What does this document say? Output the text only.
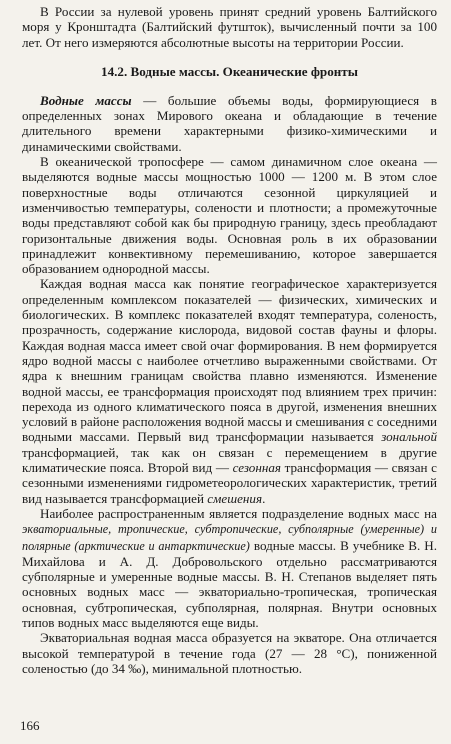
В России за нулевой уровень принят средний уровень Балтийского моря у Кронштадта (Балтийский футшток), вычисленный почти за 100 лет. От него измеряются абсолютные высоты на территории России.

14.2. Водные массы. Океанические фронты

Водные массы — большие объемы воды, формирующиеся в определенных зонах Мирового океана и обладающие в течение длительного времени характерными физико-химическими и динамическими свойствами.

В океанической тропосфере — самом динамичном слое океана — выделяются водные массы мощностью 1000 — 1200 м. В этом слое поверхностные воды отличаются сезонной циркуляцией и изменчивостью температуры, солености и плотности; а промежуточные воды представляют собой как бы природную границу, здесь преобладают горизонтальные движения воды. Основная роль в их образовании принадлежит конвективному перемешиванию, которое завершается образованием однородной массы.

Каждая водная масса как понятие географическое характеризуется определенным комплексом показателей — физических, химических и биологических. В комплекс показателей входят температура, соленость, прозрачность, содержание кислорода, видовой состав фауны и флоры. Каждая водная масса имеет свой очаг формирования. В нем формируется ядро водной массы с наиболее отчетливо выраженными свойствами. От ядра к внешним границам свойства плавно изменяются. Изменение водной массы, ее трансформация происходят под влиянием трех причин: перехода из одного климатического пояса в другой, изменения внешних условий в районе расположения водной массы и смешивания с соседними водными массами. Первый вид трансформации называется зональной трансформацией, так как он связан с перемещением в другие климатические пояса. Второй вид — сезонная трансформация — связан с сезонными изменениями гидрометеорологических характеристик, третий вид называется трансформацией смешения.

Наиболее распространенным является подразделение водных масс на экваториальные, тропические, субтропические, субполярные (умеренные) и полярные (арктические и антарктические) водные массы. В учебнике В. Н. Михайлова и А. Д. Добровольского отдельно рассматриваются субполярные и умеренные водные массы. В. Н. Степанов выделяет пять основных водных масс — экваториально-тропическая, тропическая основная, субтропическая, субполярная, полярная. Внутри основных типов водных масс выделяются еще виды.

Экваториальная водная масса образуется на экваторе. Она отличается высокой температурой в течение года (27 — 28 °С), пониженной соленостью (до 34 ‰), минимальной плотностью.

166
